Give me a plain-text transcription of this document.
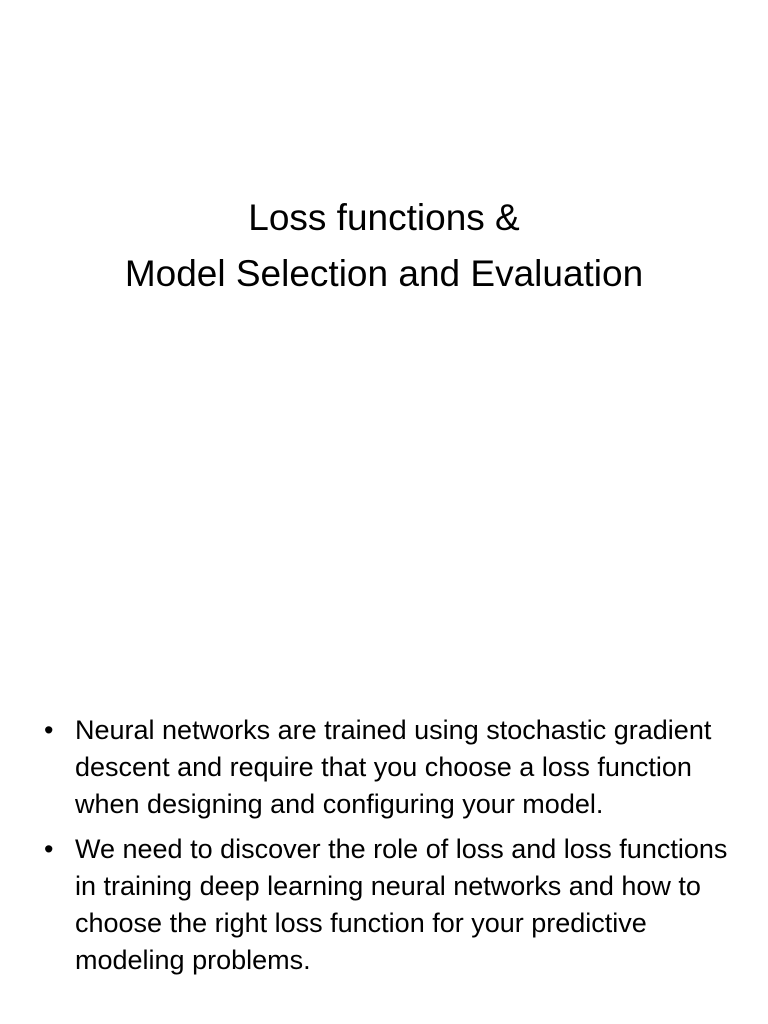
Loss functions &
Model Selection and Evaluation
• Neural networks are trained using stochastic gradient descent and require that you choose a loss function when designing and configuring your model.
• We need to discover the role of loss and loss functions in training deep learning neural networks and how to choose the right loss function for your predictive modeling problems.
